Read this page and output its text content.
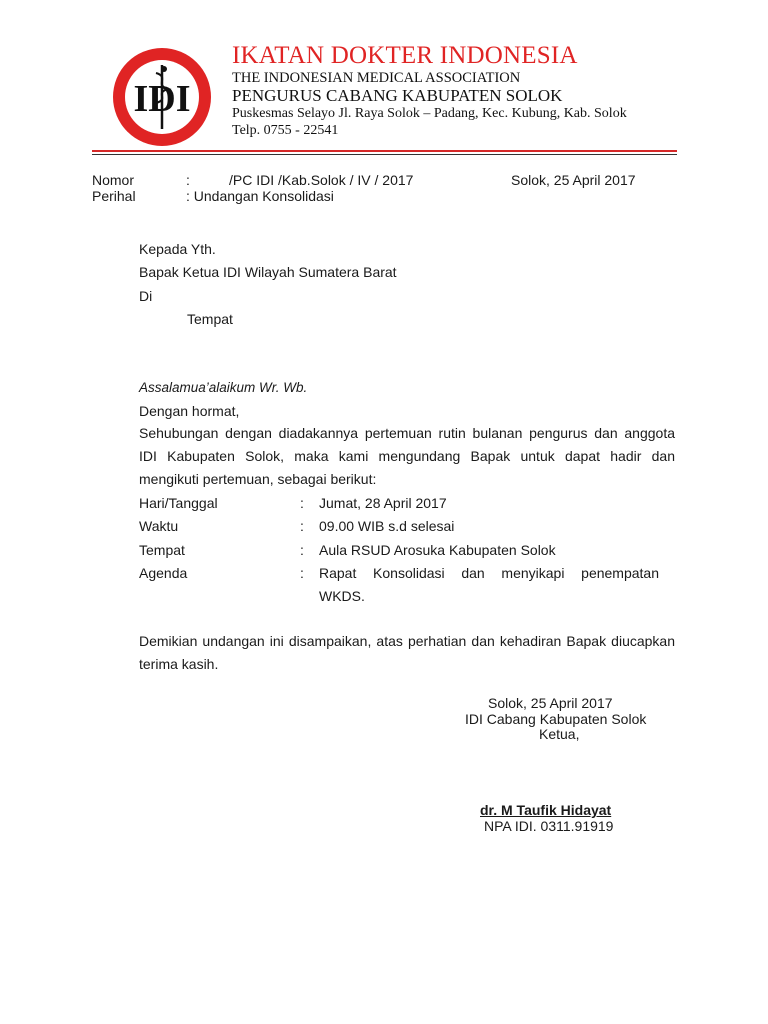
IDI
IKATAN DOKTER INDONESIA
THE INDONESIAN MEDICAL ASSOCIATION
PENGURUS CABANG KABUPATEN SOLOK
Puskesmas Selayo Jl. Raya Solok – Padang, Kec. Kubung, Kab. Solok
Telp. 0755 - 22541
Nomor	:	/PC IDI /Kab.Solok / IV / 2017	Solok, 25 April 2017
Perihal	: Undangan Konsolidasi
Kepada Yth.
Bapak Ketua IDI Wilayah Sumatera Barat
Di
Tempat
Assalamua’alaikum Wr. Wb.
Dengan hormat,
Sehubungan dengan diadakannya pertemuan rutin bulanan pengurus dan anggota
IDI Kabupaten Solok, maka kami mengundang Bapak untuk dapat hadir dan
mengikuti pertemuan, sebagai berikut:
Hari/Tanggal	: Jumat, 28 April 2017
Waktu	: 09.00 WIB s.d selesai
Tempat	: Aula RSUD Arosuka Kabupaten Solok
Agenda	: Rapat Konsolidasi dan menyikapi penempatan
WKDS.
Demikian undangan ini disampaikan, atas perhatian dan kehadiran Bapak diucapkan
terima kasih.
Solok, 25 April 2017
IDI Cabang Kabupaten Solok
Ketua,
dr. M Taufik Hidayat
NPA IDI. 0311.91919
